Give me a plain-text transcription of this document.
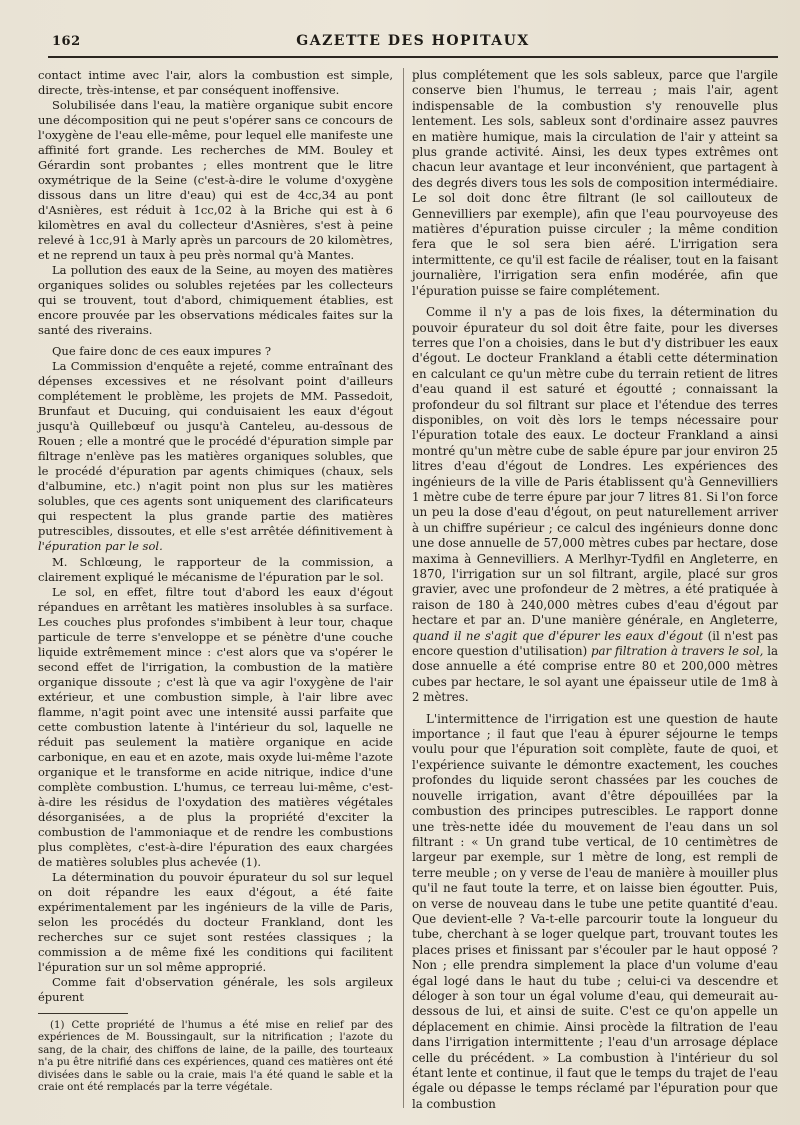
162	GAZETTE DES HOPITAUX

contact intime avec l'air, alors la combustion est simple, directe, très-intense, et par conséquent inoffensive.

Solubilisée dans l'eau, la matière organique subit encore une décomposition qui ne peut s'opérer sans ce concours de l'oxygène de l'eau elle-même, pour lequel elle manifeste une affinité fort grande. Les recherches de MM. Bouley et Gérardin sont probantes ; elles montrent que le litre oxymétrique de la Seine (c'est-à-dire le volume d'oxygène dissous dans un litre d'eau) qui est de 4cc,34 au pont d'Asnières, est réduit à 1cc,02 à la Briche qui est à 6 kilomètres en aval du collecteur d'Asnières, s'est à peine relevé à 1cc,91 à Marly après un parcours de 20 kilomètres, et ne reprend un taux à peu près normal qu'à Mantes.

La pollution des eaux de la Seine, au moyen des matières organiques solides ou solubles rejetées par les collecteurs qui se trouvent, tout d'abord, chimiquement établies, est encore prouvée par les observations médicales faites sur la santé des riverains.

Que faire donc de ces eaux impures ?

La Commission d'enquête a rejeté, comme entraînant des dépenses excessives et ne résolvant point d'ailleurs complétement le problème, les projets de MM. Passedoit, Brunfaut et Ducuing, qui conduisaient les eaux d'égout jusqu'à Quillebœuf ou jusqu'à Canteleu, au-dessous de Rouen ; elle a montré que le procédé d'épuration simple par filtrage n'enlève pas les matières organiques solubles, que le procédé d'épuration par agents chimiques (chaux, sels d'albumine, etc.) n'agit point non plus sur les matières solubles, que ces agents sont uniquement des clarificateurs qui respectent la plus grande partie des matières putrescibles, dissoutes, et elle s'est arrêtée définitivement à l'épuration par le sol.

M. Schlœung, le rapporteur de la commission, a clairement expliqué le mécanisme de l'épuration par le sol.

Le sol, en effet, filtre tout d'abord les eaux d'égout répandues en arrêtant les matières insolubles à sa surface. Les couches plus profondes s'imbibent à leur tour, chaque particule de terre s'enveloppe et se pénètre d'une couche liquide extrêmement mince : c'est alors que va s'opérer le second effet de l'irrigation, la combustion de la matière organique dissoute ; c'est là que va agir l'oxygène de l'air extérieur, et une combustion simple, à l'air libre avec flamme, n'agit point avec une intensité aussi parfaite que cette combustion latente à l'intérieur du sol, laquelle ne réduit pas seulement la matière organique en acide carbonique, en eau et en azote, mais oxyde lui-même l'azote organique et le transforme en acide nitrique, indice d'une complète combustion. L'humus, ce terreau lui-même, c'est-à-dire les résidus de l'oxydation des matières végétales désorganisées, a de plus la propriété d'exciter la combustion de l'ammoniaque et de rendre les combustions plus complètes, c'est-à-dire l'épuration des eaux chargées de matières solubles plus achevée (1).

La détermination du pouvoir épurateur du sol sur lequel on doit répandre les eaux d'égout, a été faite expérimentalement par les ingénieurs de la ville de Paris, selon les procédés du docteur Frankland, dont les recherches sur ce sujet sont restées classiques ; la commission a de même fixé les conditions qui facilitent l'épuration sur un sol même approprié.

Comme fait d'observation générale, les sols argileux épurent

(1) Cette propriété de l'humus a été mise en relief par des expériences de M. Boussingault, sur la nitrification ; l'azote du sang, de la chair, des chiffons de laine, de la paille, des tourteaux n'a pu être nitrifié dans ces expériences, quand ces matières ont été divisées dans le sable ou la craie, mais l'a été quand le sable et la craie ont été remplacés par la terre végétale.

plus complétement que les sols sableux, parce que l'argile conserve bien l'humus, le terreau ; mais l'air, agent indispensable de la combustion s'y renouvelle plus lentement. Les sols, sableux sont d'ordinaire assez pauvres en matière humique, mais la circulation de l'air y atteint sa plus grande activité. Ainsi, les deux types extrêmes ont chacun leur avantage et leur inconvénient, que partagent à des degrés divers tous les sols de composition intermédiaire. Le sol doit donc être filtrant (le sol caillouteux de Gennevilliers par exemple), afin que l'eau pourvoyeuse des matières d'épuration puisse circuler ; la même condition fera que le sol sera bien aéré. L'irrigation sera intermittente, ce qu'il est facile de réaliser, tout en la faisant journalière, l'irrigation sera enfin modérée, afin que l'épuration puisse se faire complétement.

Comme il n'y a pas de lois fixes, la détermination du pouvoir épurateur du sol doit être faite, pour les diverses terres que l'on a choisies, dans le but d'y distribuer les eaux d'égout. Le docteur Frankland a établi cette détermination en calculant ce qu'un mètre cube du terrain retient de litres d'eau quand il est saturé et égoutté ; connaissant la profondeur du sol filtrant sur place et l'étendue des terres disponibles, on voit dès lors le temps nécessaire pour l'épuration totale des eaux. Le docteur Frankland a ainsi montré qu'un mètre cube de sable épure par jour environ 25 litres d'eau d'égout de Londres. Les expériences des ingénieurs de la ville de Paris établissent qu'à Gennevilliers 1 mètre cube de terre épure par jour 7 litres 81. Si l'on force un peu la dose d'eau d'égout, on peut naturellement arriver à un chiffre supérieur ; ce calcul des ingénieurs donne donc une dose annuelle de 57,000 mètres cubes par hectare, dose maxima à Gennevilliers. A Merlhyr-Tydfil en Angleterre, en 1870, l'irrigation sur un sol filtrant, argile, placé sur gros gravier, avec une profondeur de 2 mètres, a été pratiquée à raison de 180 à 240,000 mètres cubes d'eau d'égout par hectare et par an. D'une manière générale, en Angleterre, quand il ne s'agit que d'épurer les eaux d'égout (il n'est pas encore question d'utilisation) par filtration à travers le sol, la dose annuelle a été comprise entre 80 et 200,000 mètres cubes par hectare, le sol ayant une épaisseur utile de 1m8 à 2 mètres.

L'intermittence de l'irrigation est une question de haute importance ; il faut que l'eau à épurer séjourne le temps voulu pour que l'épuration soit complète, faute de quoi, et l'expérience suivante le démontre exactement, les couches profondes du liquide seront chassées par les couches de nouvelle irrigation, avant d'être dépouillées par la combustion des principes putrescibles. Le rapport donne une très-nette idée du mouvement de l'eau dans un sol filtrant : « Un grand tube vertical, de 10 centimètres de largeur par exemple, sur 1 mètre de long, est rempli de terre meuble ; on y verse de l'eau de manière à mouiller plus qu'il ne faut toute la terre, et on laisse bien égoutter. Puis, on verse de nouveau dans le tube une petite quantité d'eau. Que devient-elle ? Va-t-elle parcourir toute la longueur du tube, cherchant à se loger quelque part, trouvant toutes les places prises et finissant par s'écouler par le haut opposé ? Non ; elle prendra simplement la place d'un volume d'eau égal logé dans le haut du tube ; celui-ci va descendre et déloger à son tour un égal volume d'eau, qui demeurait au-dessous de lui, et ainsi de suite. C'est ce qu'on appelle un déplacement en chimie. Ainsi procède la filtration de l'eau dans l'irrigation intermittente ; l'eau d'un arrosage déplace celle du précédent. » La combustion à l'intérieur du sol étant lente et continue, il faut que le temps du trajet de l'eau égale ou dépasse le temps réclamé par l'épuration pour que la combustion
